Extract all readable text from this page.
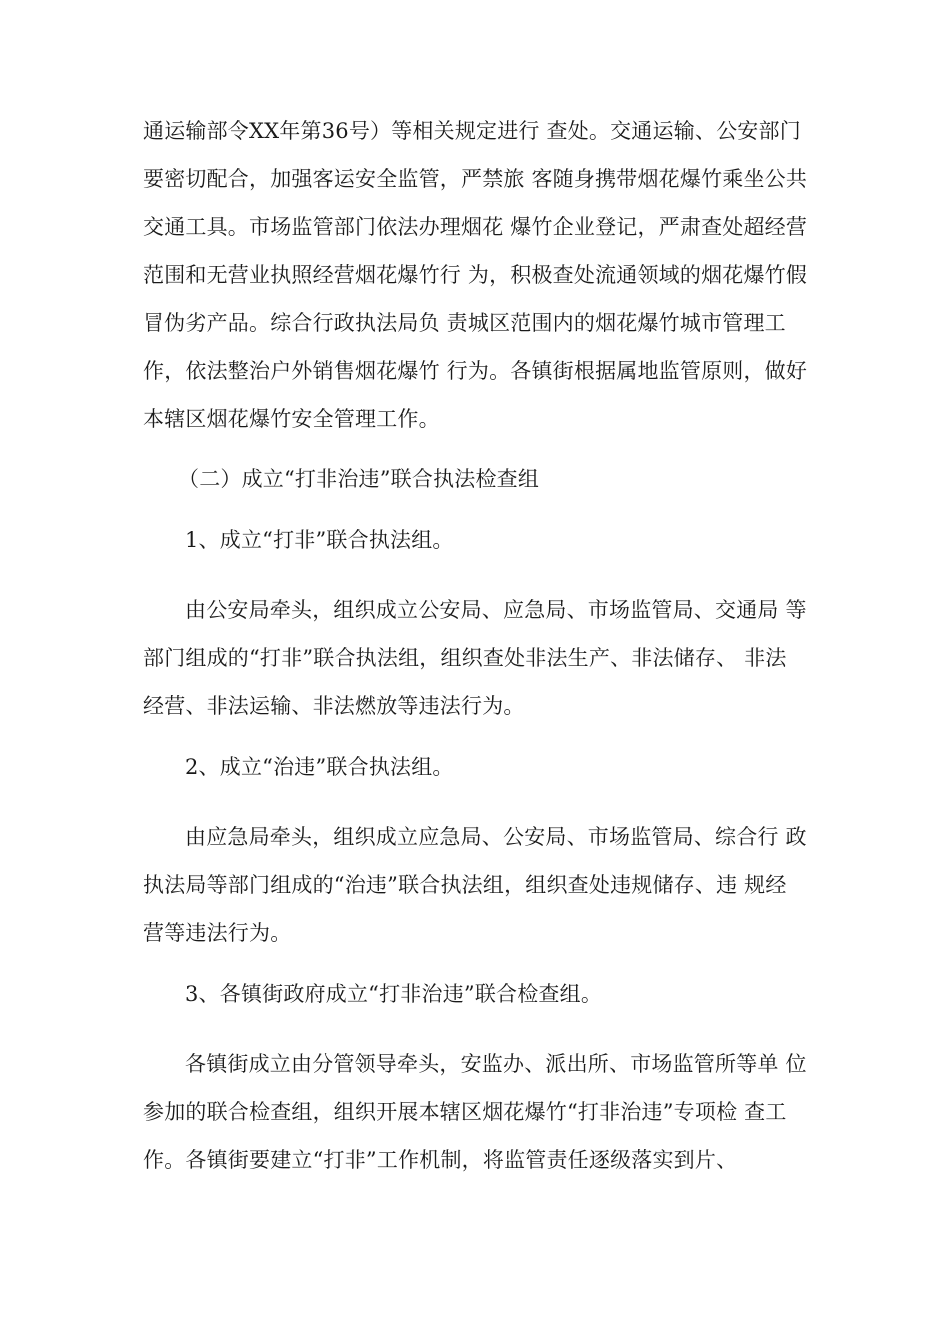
通运输部令XX年第36号）等相关规定进行 查处。交通运输、公安部门
要密切配合，加强客运安全监管，严禁旅 客随身携带烟花爆竹乘坐公共
交通工具。市场监管部门依法办理烟花 爆竹企业登记，严肃查处超经营
范围和无营业执照经营烟花爆竹行 为，积极查处流通领域的烟花爆竹假
冒伪劣产品。综合行政执法局负 责城区范围内的烟花爆竹城市管理工
作，依法整治户外销售烟花爆竹 行为。各镇街根据属地监管原则，做好
本辖区烟花爆竹安全管理工作。
（二）成立“打非治违”联合执法检查组
1、成立“打非”联合执法组。
由公安局牵头，组织成立公安局、应急局、市场监管局、交通局 等
部门组成的“打非”联合执法组，组织查处非法生产、非法储存、 非法
经营、非法运输、非法燃放等违法行为。
2、成立“治违”联合执法组。
由应急局牵头，组织成立应急局、公安局、市场监管局、综合行 政
执法局等部门组成的“治违”联合执法组，组织查处违规储存、违 规经
营等违法行为。
3、各镇街政府成立“打非治违”联合检查组。
各镇街成立由分管领导牵头，安监办、派出所、市场监管所等单 位
参加的联合检查组，组织开展本辖区烟花爆竹“打非治违”专项检 查工
作。各镇街要建立“打非”工作机制，将监管责任逐级落实到片、
